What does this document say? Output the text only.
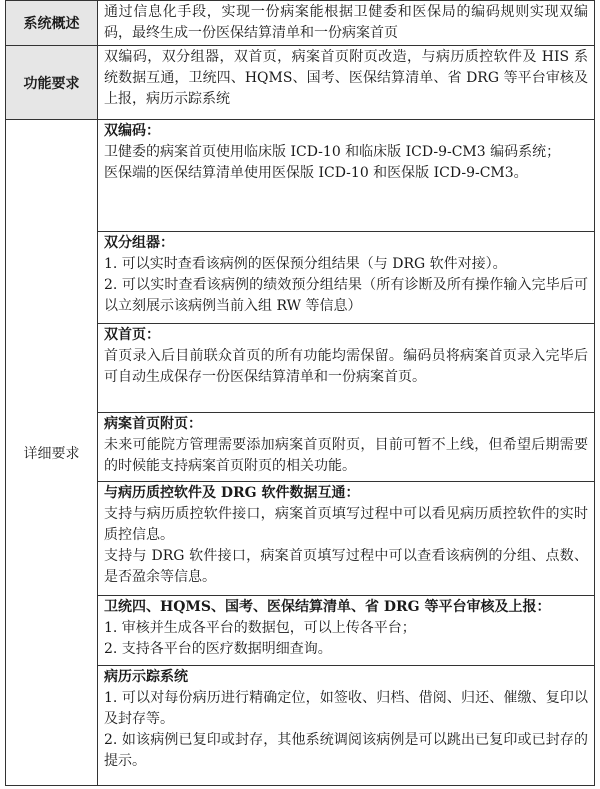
系统概述	通过信息化手段，实现一份病案能根据卫健委和医保局的编码规则实现双编码，最终生成一份医保结算清单和一份病案首页

功能要求	双编码，双分组器，双首页，病案首页附页改造，与病历质控软件及 HIS 系统数据互通，卫统四、HQMS、国考、医保结算清单、省 DRG 等平台审核及上报，病历示踪系统

详细要求	双编码：
卫健委的病案首页使用临床版 ICD-10 和临床版 ICD-9-CM3 编码系统；
医保端的医保结算清单使用医保版 ICD-10 和医保版 ICD-9-CM3。

	双分组器：
1. 可以实时查看该病例的医保预分组结果（与 DRG 软件对接）。
2. 可以实时查看该病例的绩效预分组结果（所有诊断及所有操作输入完毕后可以立刻展示该病例当前入组 RW 等信息）

	双首页：
首页录入后目前联众首页的所有功能均需保留。编码员将病案首页录入完毕后可自动生成保存一份医保结算清单和一份病案首页。

	病案首页附页：
未来可能院方管理需要添加病案首页附页，目前可暂不上线，但希望后期需要的时候能支持病案首页附页的相关功能。

	与病历质控软件及 DRG 软件数据互通：
支持与病历质控软件接口，病案首页填写过程中可以看见病历质控软件的实时质控信息。
支持与 DRG 软件接口，病案首页填写过程中可以查看该病例的分组、点数、是否盈余等信息。

	卫统四、HQMS、国考、医保结算清单、省 DRG 等平台审核及上报：
1. 审核并生成各平台的数据包，可以上传各平台；
2. 支持各平台的医疗数据明细查询。

	病历示踪系统
1. 可以对每份病历进行精确定位，如签收、归档、借阅、归还、催缴、复印以及封存等。
2. 如该病例已复印或封存，其他系统调阅该病例是可以跳出已复印或已封存的提示。
